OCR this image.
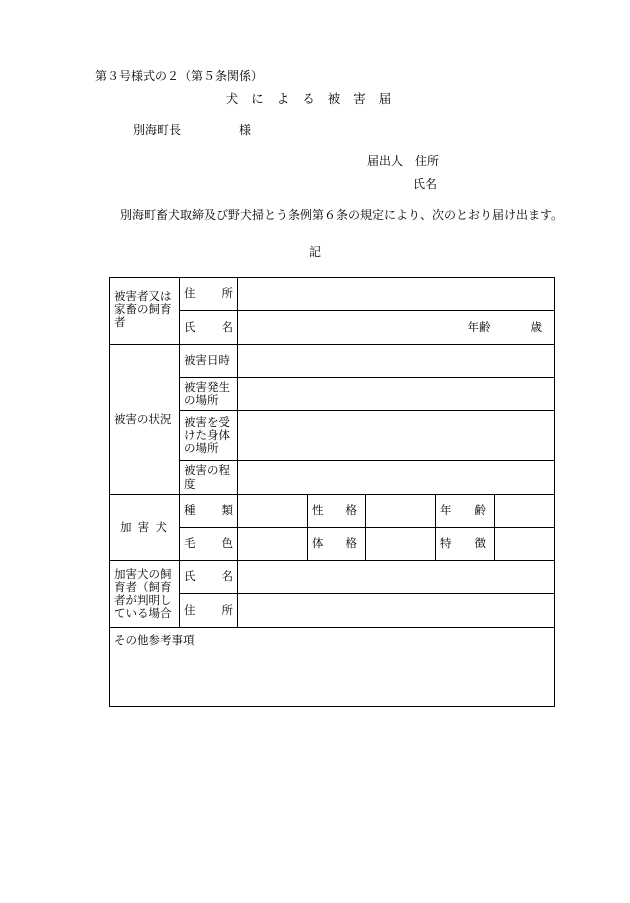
第３号様式の２（第５条関係）
犬による被害届
別海町長	様
届出人 住所
氏名
別海町畜犬取締及び野犬掃とう条例第６条の規定により、次のとおり届け出ます。
記
被害者又は家畜の飼育者	住 所					

	氏 名	年齢 歳				

被害の状況	被害日時					
	被害発生の場所					
	被害を受けた身体の場所					
	被害の程度					

加 害 犬	種 類		性 格		年 齢	

	毛 色		体 格		特 徴	

加害犬の飼育者（飼育者が判明している場合	氏 名					

	住 所					

その他参考事項						
